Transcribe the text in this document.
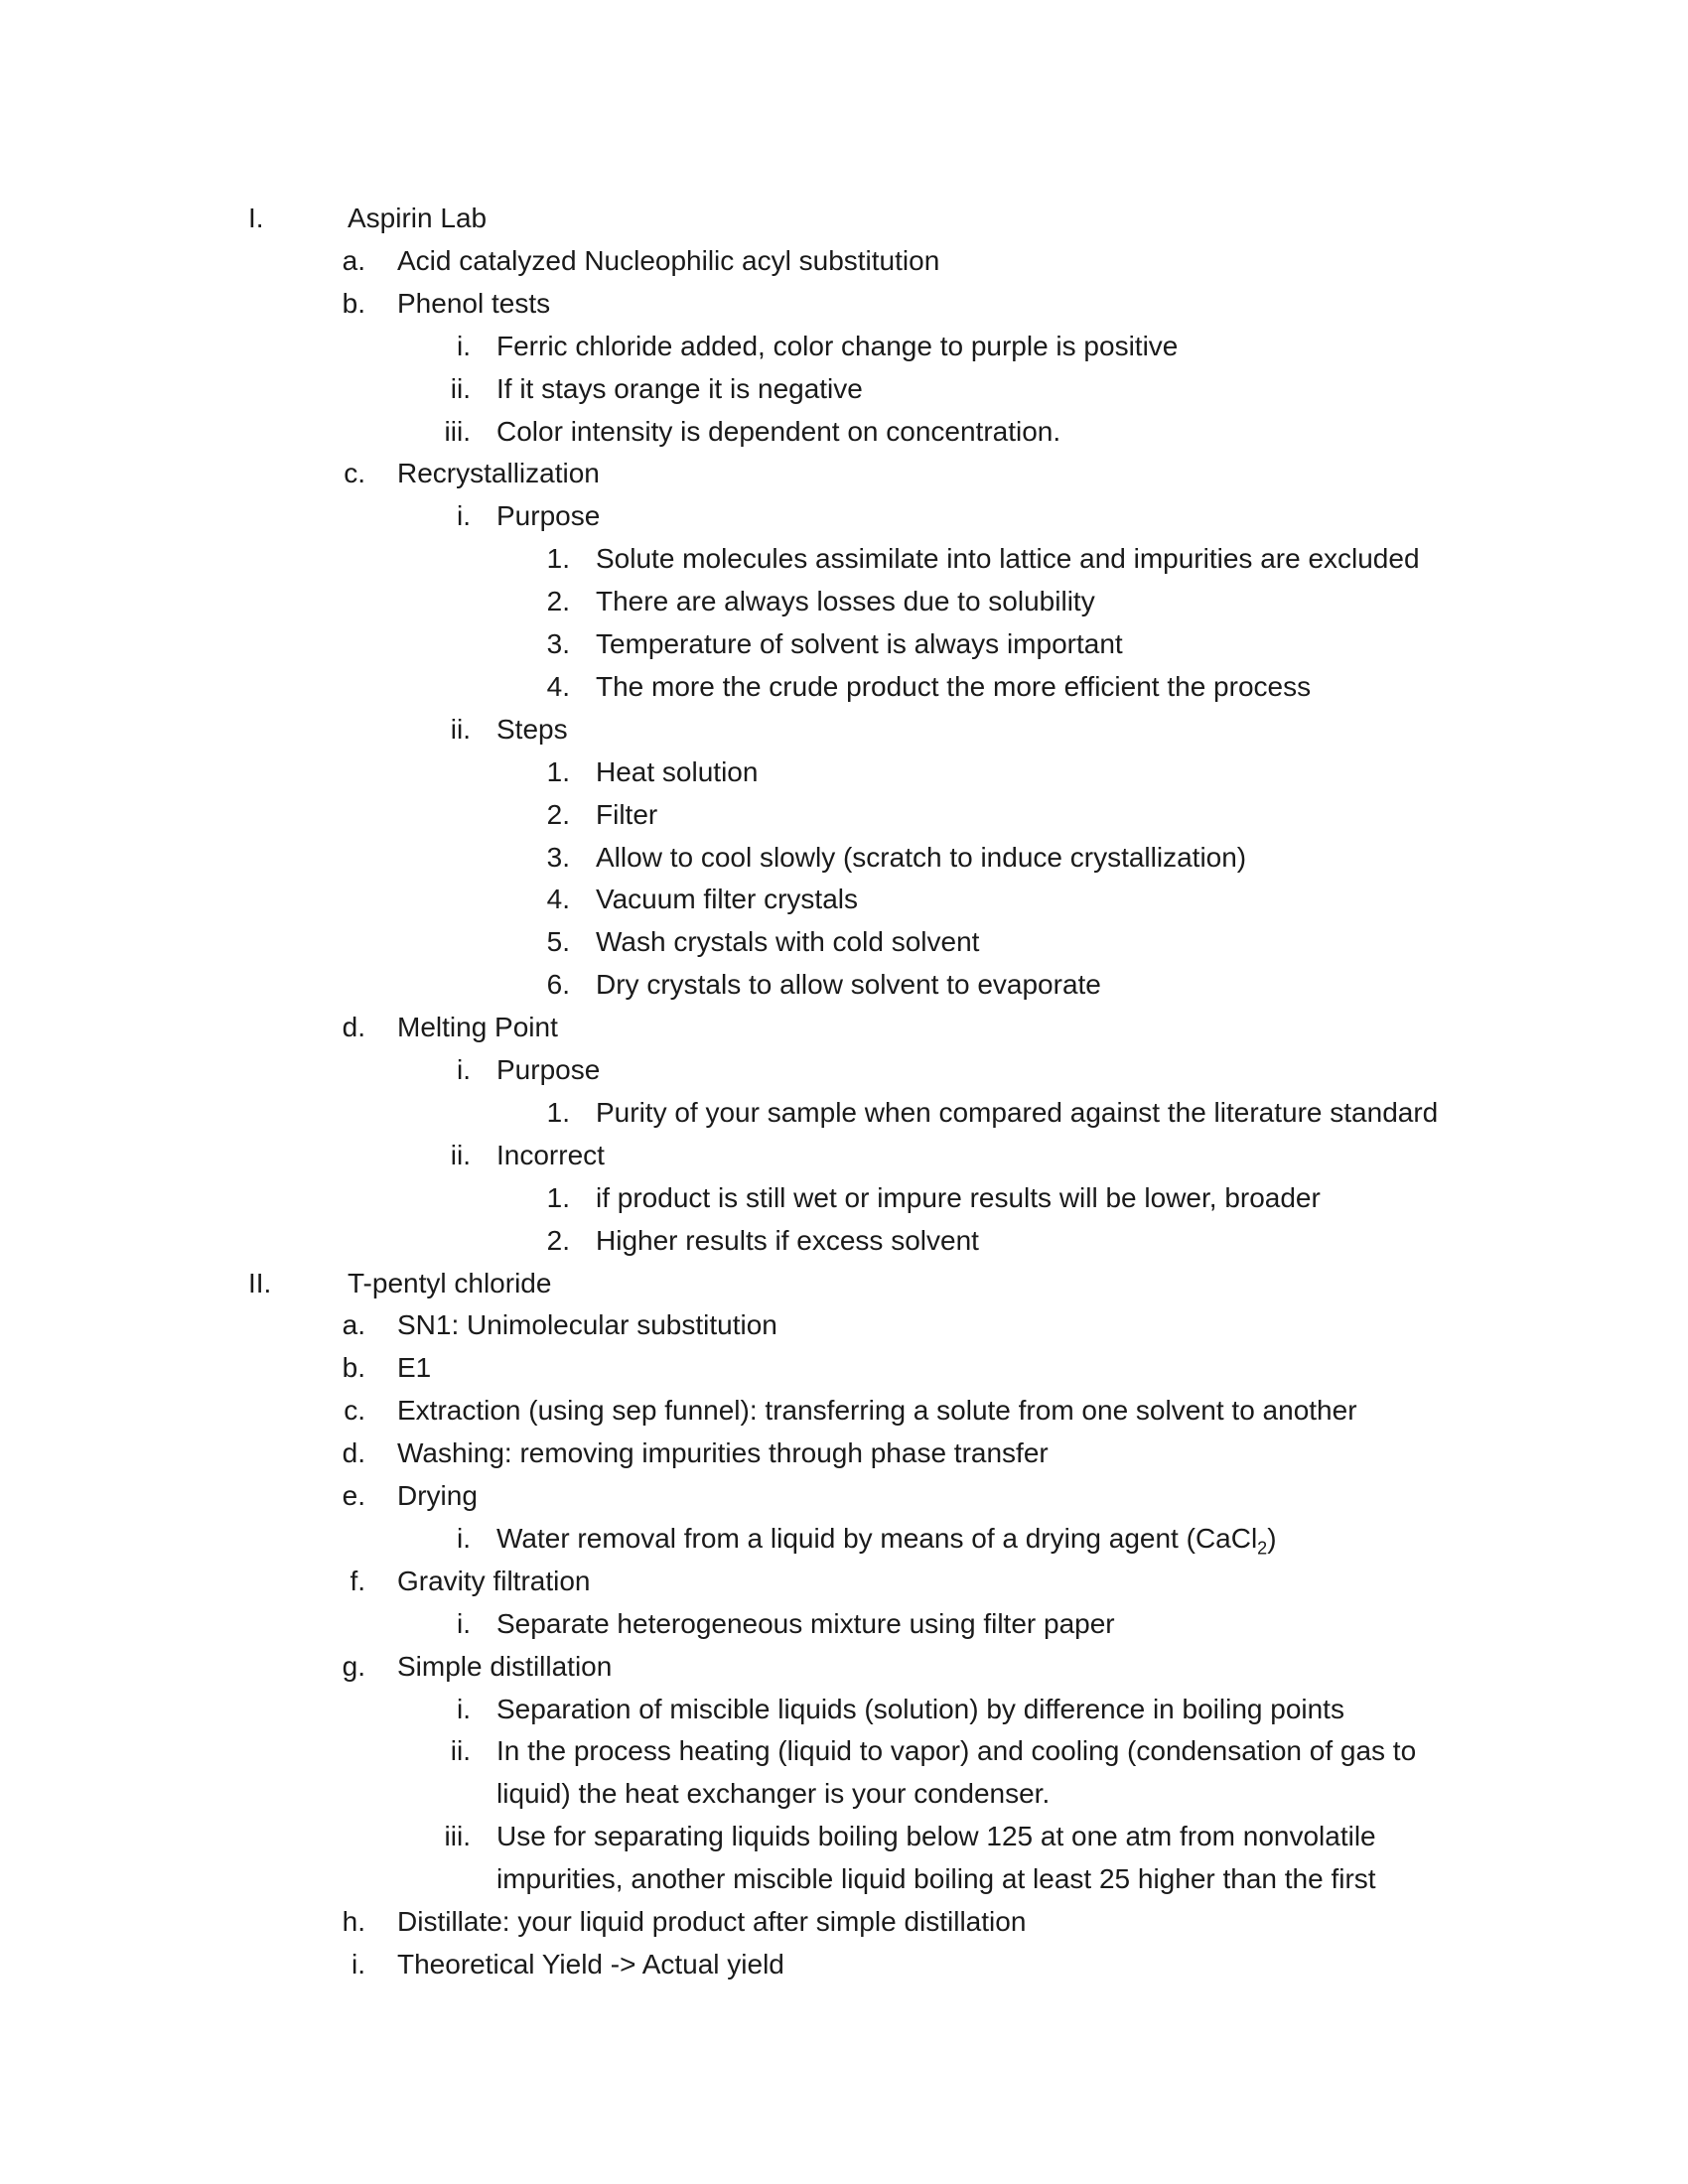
I.	Aspirin Lab
a. Acid catalyzed Nucleophilic acyl substitution
b. Phenol tests
i. Ferric chloride added, color change to purple is positive
ii. If it stays orange it is negative
iii. Color intensity is dependent on concentration.
c. Recrystallization
i. Purpose
1. Solute molecules assimilate into lattice and impurities are excluded
2. There are always losses due to solubility
3. Temperature of solvent is always important
4. The more the crude product the more efficient the process
ii. Steps
1. Heat solution
2. Filter
3. Allow to cool slowly (scratch to induce crystallization)
4. Vacuum filter crystals
5. Wash crystals with cold solvent
6. Dry crystals to allow solvent to evaporate
d. Melting Point
i. Purpose
1. Purity of your sample when compared against the literature standard
ii. Incorrect
1. if product is still wet or impure results will be lower, broader
2. Higher results if excess solvent
II.	T-pentyl chloride
a. SN1: Unimolecular substitution
b. E1
c. Extraction (using sep funnel): transferring a solute from one solvent to another
d. Washing: removing impurities through phase transfer
e. Drying
i. Water removal from a liquid by means of a drying agent (CaCl$_2$)
f. Gravity filtration
i. Separate heterogeneous mixture using filter paper
g. Simple distillation
i. Separation of miscible liquids (solution) by difference in boiling points
ii. In the process heating (liquid to vapor) and cooling (condensation of gas to
liquid) the heat exchanger is your condenser.
iii. Use for separating liquids boiling below 125 at one atm from nonvolatile
impurities, another miscible liquid boiling at least 25 higher than the first
h. Distillate: your liquid product after simple distillation
i. Theoretical Yield -> Actual yield
